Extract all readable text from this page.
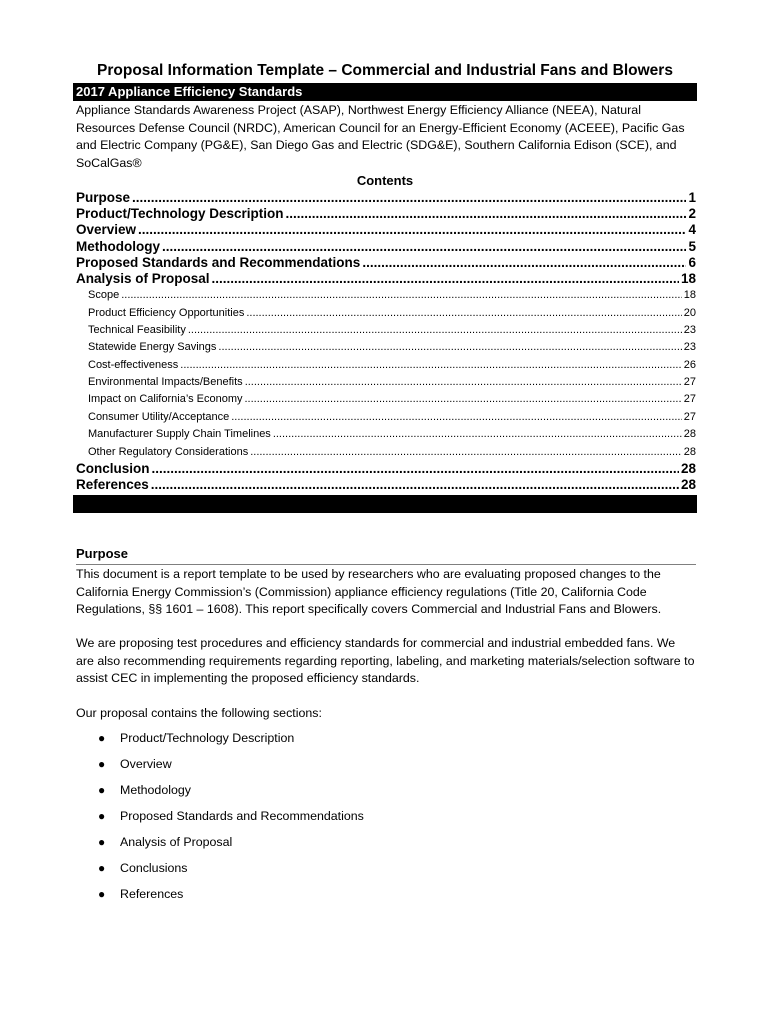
Proposal Information Template – Commercial and Industrial Fans and Blowers
2017 Appliance Efficiency Standards
Appliance Standards Awareness Project (ASAP), Northwest Energy Efficiency Alliance (NEEA), Natural Resources Defense Council (NRDC), American Council for an Energy-Efficient Economy (ACEEE), Pacific Gas and Electric Company (PG&E), San Diego Gas and Electric (SDG&E), Southern California Edison (SCE), and SoCalGas®
Contents
Purpose .....	1
Product/Technology Description .....	2
Overview .....	4
Methodology .....	5
Proposed Standards and Recommendations .....	6
Analysis of Proposal .....	18
Scope .....	18
Product Efficiency Opportunities .....	20
Technical Feasibility .....	23
Statewide Energy Savings .....	23
Cost-effectiveness .....	26
Environmental Impacts/Benefits .....	27
Impact on California’s Economy .....	27
Consumer Utility/Acceptance .....	27
Manufacturer Supply Chain Timelines .....	28
Other Regulatory Considerations .....	28
Conclusion .....	28
References .....	28
Purpose
This document is a report template to be used by researchers who are evaluating proposed changes to the California Energy Commission’s (Commission) appliance efficiency regulations (Title 20, California Code Regulations, §§ 1601 – 1608). This report specifically covers Commercial and Industrial Fans and Blowers.
We are proposing test procedures and efficiency standards for commercial and industrial embedded fans. We are also recommending requirements regarding reporting, labeling, and marketing materials/selection software to assist CEC in implementing the proposed efficiency standards.
Our proposal contains the following sections:
● Product/Technology Description
● Overview
● Methodology
● Proposed Standards and Recommendations
● Analysis of Proposal
● Conclusions
● References
